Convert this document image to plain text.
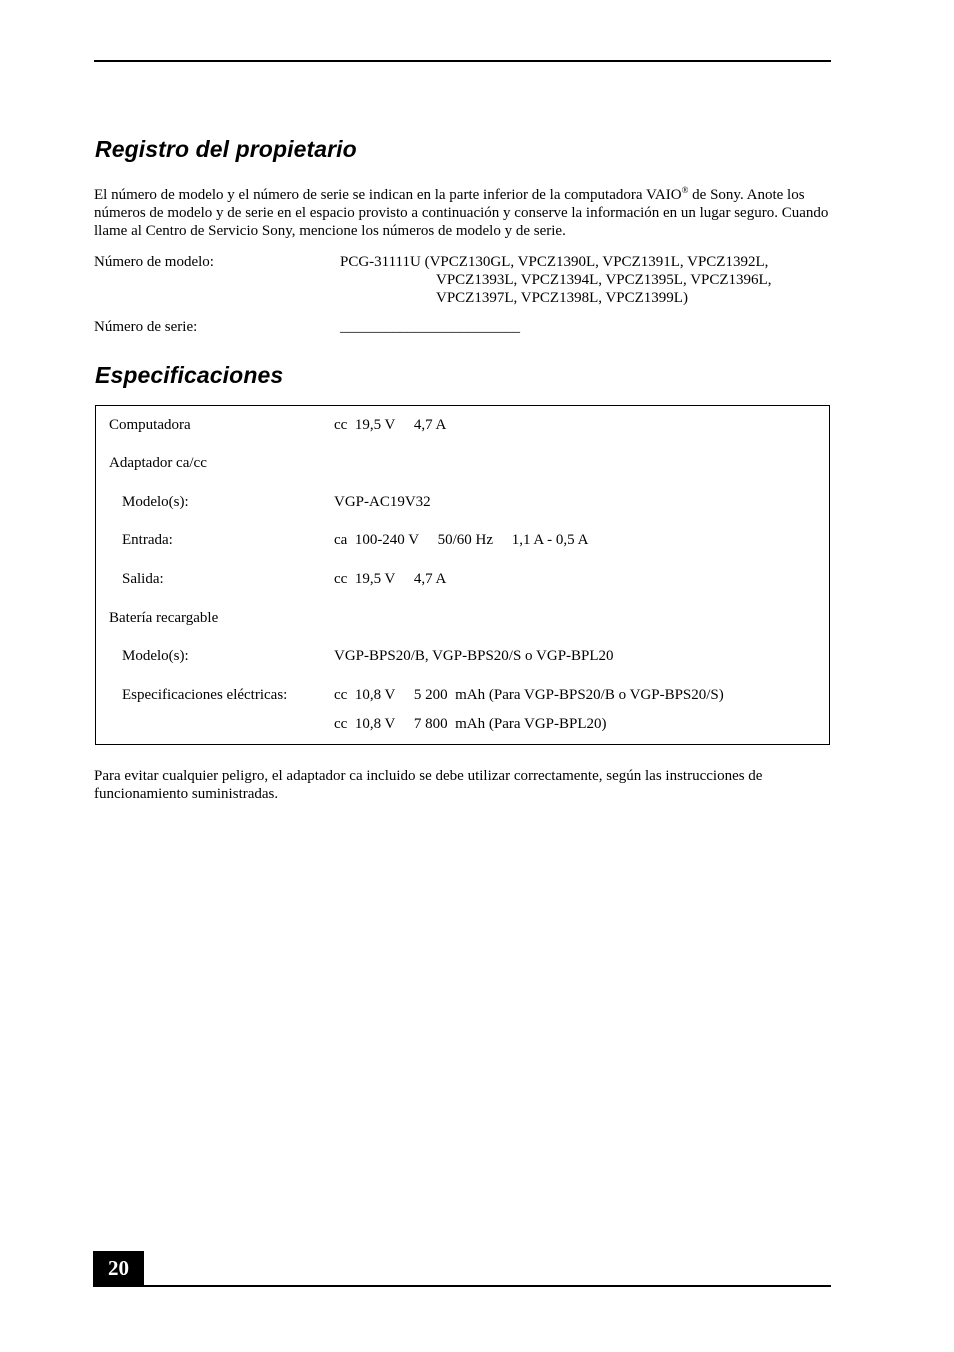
Registro del propietario

El número de modelo y el número de serie se indican en la parte inferior de la computadora VAIO® de Sony. Anote los números de modelo y de serie en el espacio provisto a continuación y conserve la información en un lugar seguro. Cuando llame al Centro de Servicio Sony, mencione los números de modelo y de serie.

Número de modelo:	PCG-31111U (VPCZ130GL, VPCZ1390L, VPCZ1391L, VPCZ1392L,
VPCZ1393L, VPCZ1394L, VPCZ1395L, VPCZ1396L,
VPCZ1397L, VPCZ1398L, VPCZ1399L)
Número de serie:	________________________
Especificaciones
Computadora	cc  19,5 V     4,7 A
Adaptador ca/cc
Modelo(s):	VGP-AC19V32
Entrada:	ca  100-240 V     50/60 Hz     1,1 A - 0,5 A
Salida:	cc  19,5 V     4,7 A
Batería recargable
Modelo(s):	VGP-BPS20/B, VGP-BPS20/S o VGP-BPL20
Especificaciones eléctricas:	cc  10,8 V     5 200  mAh (Para VGP-BPS20/B o VGP-BPS20/S)
cc  10,8 V     7 800  mAh (Para VGP-BPL20)

Para evitar cualquier peligro, el adaptador ca incluido se debe utilizar correctamente, según las instrucciones de funcionamiento suministradas.

20
